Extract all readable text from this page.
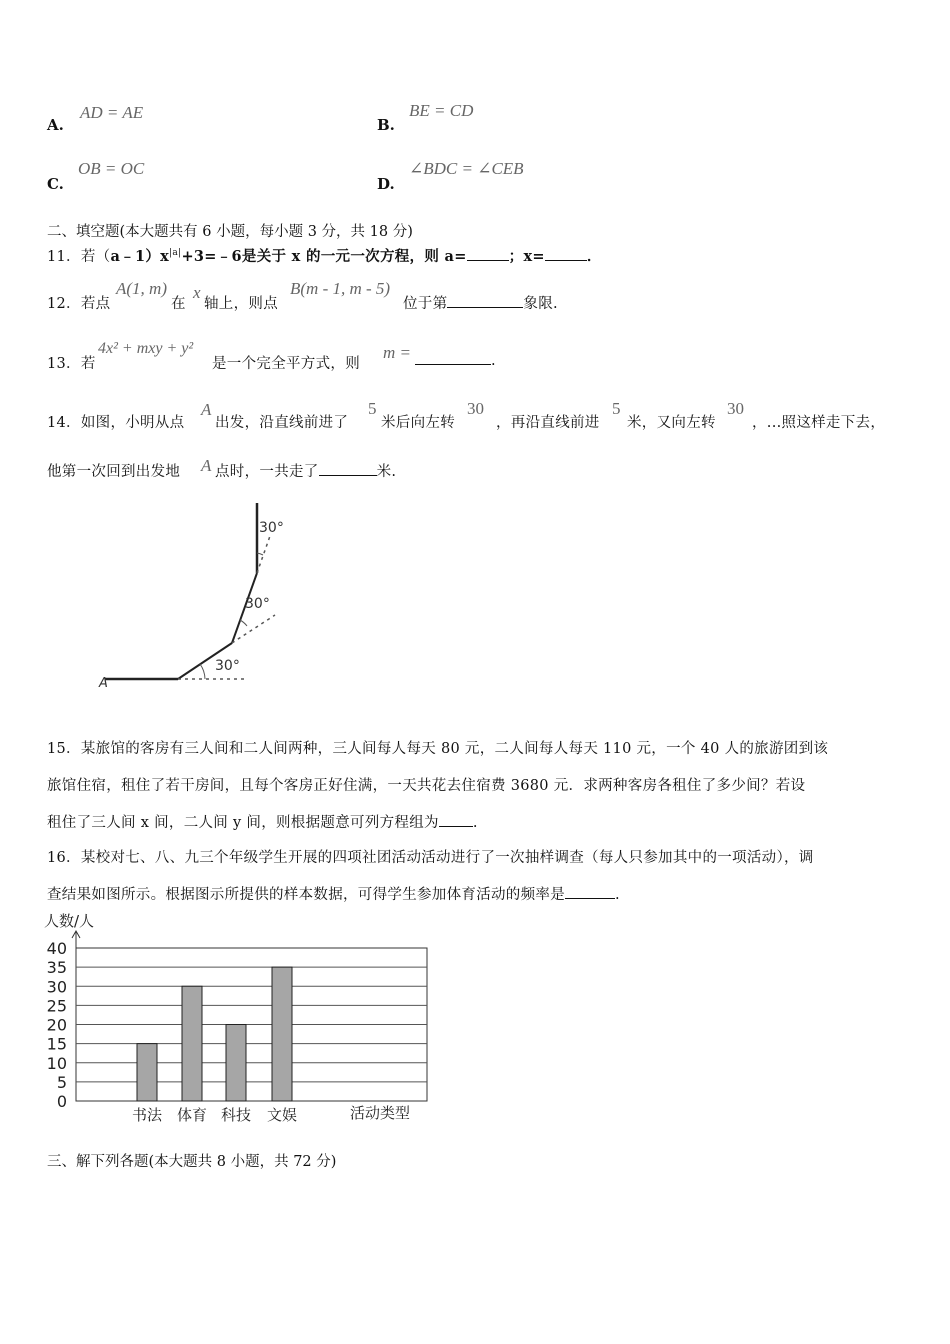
A.
AD = AE
B.
BE = CD
C.
OB = OC
D.
∠BDC = ∠CEB
二、填空题(本大题共有 6 小题，每小题 3 分，共 18 分)
11．若$(a﹣1)x^{|a|}+3=﹣6$是关于 x 的一元一次方程，则 a=	；x=	．
12．若点
A(1, m)
在
x
轴上，则点
B(m - 1, m - 5)
位于第	象限.
13．若
4x² + mxy + y²
是一个完全平方式，则
m =	.
14．如图，小明从点
A
出发，沿直线前进了
5
米后向左转
30
，再沿直线前进
5
米，又向左转
30
，...照这样走下去，
他第一次回到出发地 A 点时，一共走了	米.
30°
30°
30°
A
15．某旅馆的客房有三人间和二人间两种，三人间每人每天 80 元，二人间每人每天 110 元，一个 40 人的旅游团到该
旅馆住宿，租住了若干房间，且每个客房正好住满，一天共花去住宿费 3680 元．求两种客房各租住了多少间？若设
租住了三人间 x 间，二人间 y 间，则根据题意可列方程组为 .
16．某校对七、八、九三个年级学生开展的四项社团活动活动进行了一次抽样调查（每人只参加其中的一项活动），调
查结果如图所示。根据图示所提供的样本数据，可得学生参加体育活动的频率是	.
0
5
10
15
20
25
30
35
40
人数/人
书法 体育 科技 文娱	活动类型
三、解下列各题(本大题共 8 小题，共 72 分)
